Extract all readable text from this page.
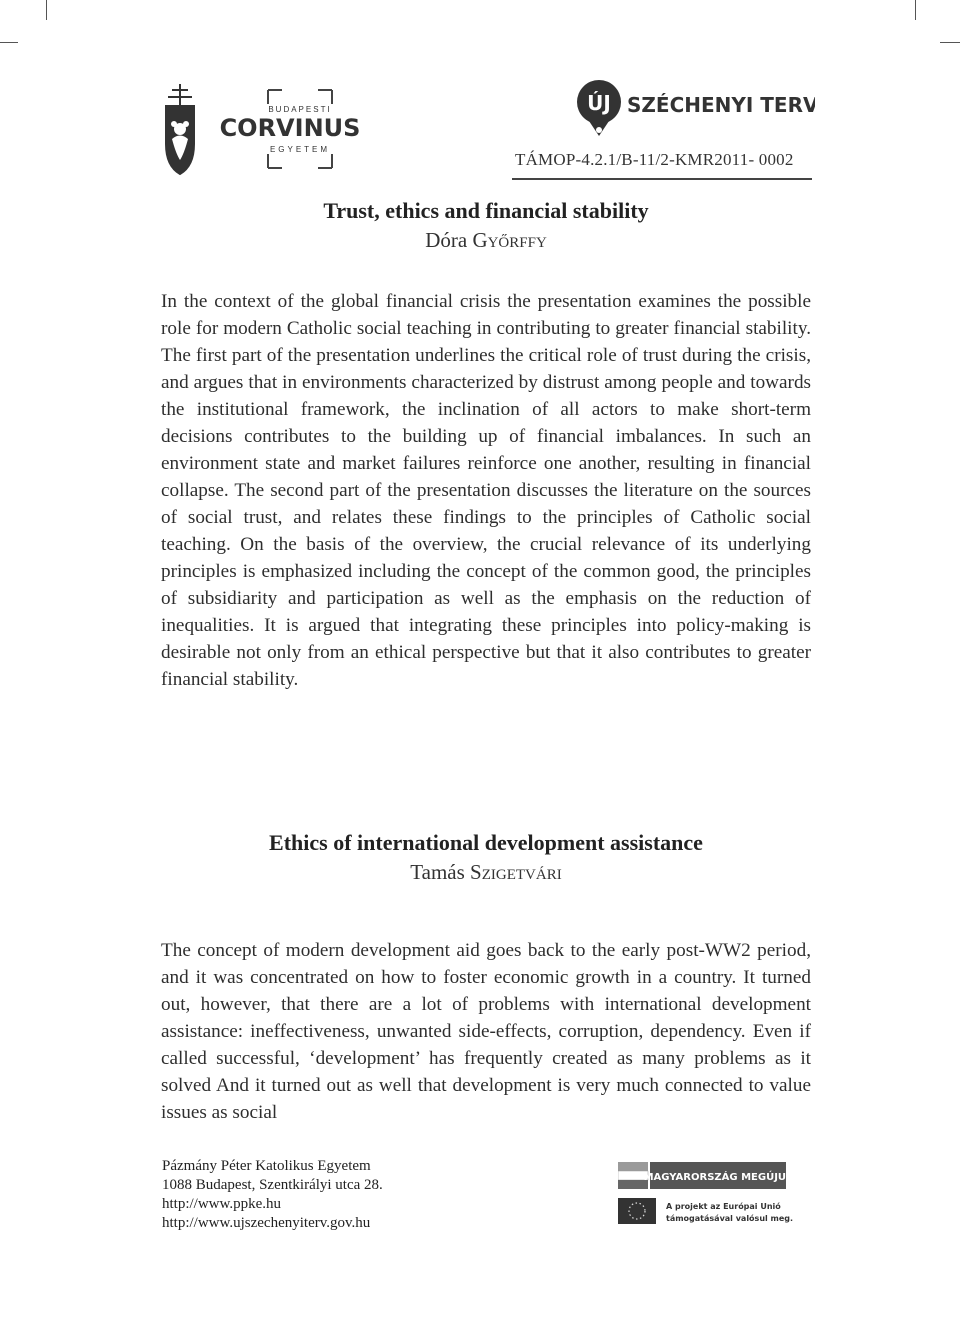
BUDAPESTI
CORVINUS
EGYETEM
ÚJ SZÉCHENYI TERV
TÁMOP-4.2.1/B-11/2-KMR2011- 0002
Trust, ethics and financial stability
Dóra Győrffy

In the context of the global financial crisis the presentation examines the possible role for modern Catholic social teaching in contributing to greater financial stability. The first part of the presentation underlines the critical role of trust during the crisis, and argues that in environments characterized by distrust among people and towards the institutional framework, the inclination of all actors to make short-term decisions contributes to the building up of financial imbalances. In such an environment state and market failures reinforce one another, resulting in financial collapse. The second part of the presentation discusses the literature on the sources of social trust, and relates these findings to the principles of Catholic social teaching. On the basis of the overview, the crucial relevance of its underlying principles is emphasized including the concept of the common good, the principles of subsidiarity and participation as well as the emphasis on the reduction of inequalities. It is argued that integrating these principles into policy-making is desirable not only from an ethical perspective but that it also contributes to greater financial stability.

Ethics of international development assistance
Tamás Szigetvári

The concept of modern development aid goes back to the early post-WW2 period, and it was concentrated on how to foster economic growth in a country. It turned out, however, that there are a lot of problems with international development assistance: ineffectiveness, unwanted side-effects, corruption, dependency. Even if called successful, ‘development’ has frequently created as many problems as it solved And it turned out as well that development is very much connected to value issues as social

Pázmány Péter Katolikus Egyetem
1088 Budapest, Szentkirályi utca 28.
http://www.ppke.hu
http://www.ujszechenyiterv.gov.hu
MAGYARORSZÁG MEGÚJUL
A projekt az Európai Unió
támogatásával valósul meg.
